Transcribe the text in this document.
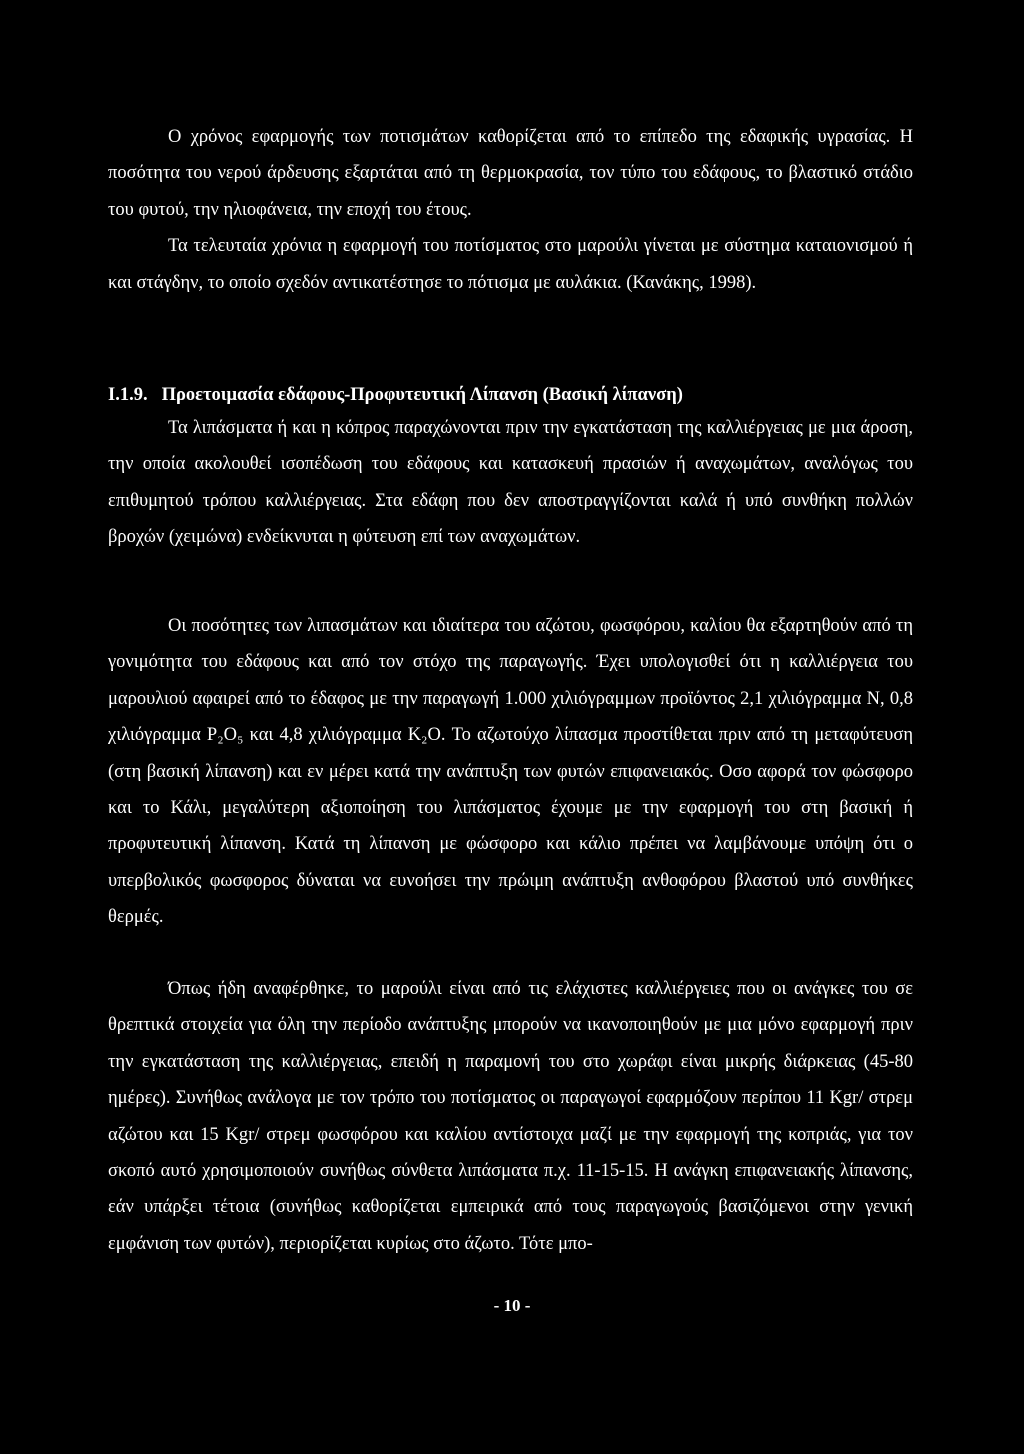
Ο χρόνος εφαρμογής των ποτισμάτων καθορίζεται από το επίπεδο της εδαφικής υγρασίας. Η ποσότητα του νερού άρδευσης εξαρτάται από τη θερμοκρασία, τον τύπο του εδάφους, το βλαστικό στάδιο του φυτού, την ηλιοφάνεια, την εποχή του έτους.

Τα τελευταία χρόνια η εφαρμογή του ποτίσματος στο μαρούλι γίνεται με σύστημα καταιονισμού ή και στάγδην, το οποίο σχεδόν αντικατέστησε το πότισμα με αυλάκια. (Κανάκης, 1998).

I.1.9. Προετοιμασία εδάφους-Προφυτευτική Λίπανση (Βασική λίπανση)

Τα λιπάσματα ή και η κόπρος παραχώνονται πριν την εγκατάσταση της καλλιέργειας με μια άροση, την οποία ακολουθεί ισοπέδωση του εδάφους και κατασκευή πρασιών ή αναχωμάτων, αναλόγως του επιθυμητού τρόπου καλλιέργειας. Στα εδάφη που δεν αποστραγγίζονται καλά ή υπό συνθήκη πολλών βροχών (χειμώνα) ενδείκνυται η φύτευση επί των αναχωμάτων.

Οι ποσότητες των λιπασμάτων και ιδιαίτερα του αζώτου, φωσφόρου, καλίου θα εξαρτηθούν από τη γονιμότητα του εδάφους και από τον στόχο της παραγωγής. Έχει υπολογισθεί ότι η καλλιέργεια του μαρουλιού αφαιρεί από το έδαφος με την παραγωγή 1.000 χιλιόγραμμων προϊόντος 2,1 χιλιόγραμμα Ν, 0,8 χιλιόγραμμα P₂O₅ και 4,8 χιλιόγραμμα K₂O. Το αζωτούχο λίπασμα προστίθεται πριν από τη μεταφύτευση (στη βασική λίπανση) και εν μέρει κατά την ανάπτυξη των φυτών επιφανειακός. Οσο αφορά τον φώσφορο και το Κάλι, μεγαλύτερη αξιοποίηση του λιπάσματος έχουμε με την εφαρμογή του στη βασική ή προφυτευτική λίπανση. Κατά τη λίπανση με φώσφορο και κάλιο πρέπει να λαμβάνουμε υπόψη ότι ο υπερβολικός φωσφορος δύναται να ευνοήσει την πρώιμη ανάπτυξη ανθοφόρου βλαστού υπό συνθήκες θερμές.

Όπως ήδη αναφέρθηκε, το μαρούλι είναι από τις ελάχιστες καλλιέργειες που οι ανάγκες του σε θρεπτικά στοιχεία για όλη την περίοδο ανάπτυξης μπορούν να ικανοποιηθούν με μια μόνο εφαρμογή πριν την εγκατάσταση της καλλιέργειας, επειδή η παραμονή του στο χωράφι είναι μικρής διάρκειας (45-80 ημέρες). Συνήθως ανάλογα με τον τρόπο του ποτίσματος οι παραγωγοί εφαρμόζουν περίπου 11 Kgr/ στρεμ αζώτου και 15 Kgr/ στρεμ φωσφόρου και καλίου αντίστοιχα μαζί με την εφαρμογή της κοπριάς, για τον σκοπό αυτό χρησιμοποιούν συνήθως σύνθετα λιπάσματα π.χ. 11-15-15. Η ανάγκη επιφανειακής λίπανσης, εάν υπάρξει τέτοια (συνήθως καθορίζεται εμπειρικά από τους παραγωγούς βασιζόμενοι στην γενική εμφάνιση των φυτών), περιορίζεται κυρίως στο άζωτο. Τότε μπο-

- 10 -
